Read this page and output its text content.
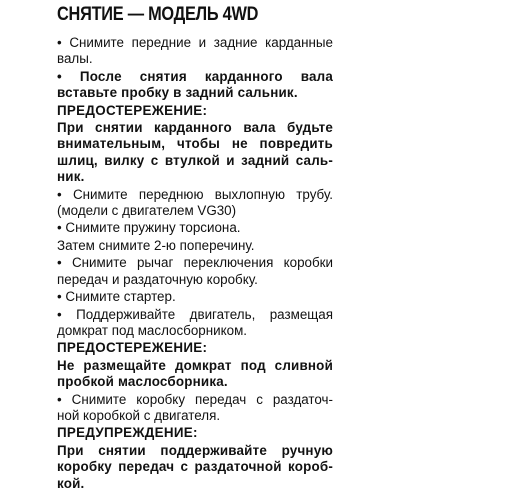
СНЯТИЕ — МОДЕЛЬ 4WD
• Снимите передние и задние карданные
валы.
• После снятия карданного вала
вставьте пробку в задний сальник.
ПРЕДОСТЕРЕЖЕНИЕ:
При снятии карданного вала будьте
внимательным, чтобы не повредить
шлиц, вилку с втулкой и задний саль-
ник.
• Снимите переднюю выхлопную трубу.
(модели с двигателем VG30)
• Снимите пружину торсиона.
Затем снимите 2-ю поперечину.
• Снимите рычаг переключения коробки
передач и раздаточную коробку.
• Снимите стартер.
• Поддерживайте двигатель, размещая
домкрат под маслосборником.
ПРЕДОСТЕРЕЖЕНИЕ:
Не размещайте домкрат под сливной
пробкой маслосборника.
• Снимите коробку передач с раздаточ-
ной коробкой с двигателя.
ПРЕДУПРЕЖДЕНИЕ:
При снятии поддерживайте ручную
коробку передач с раздаточной короб-
кой.
